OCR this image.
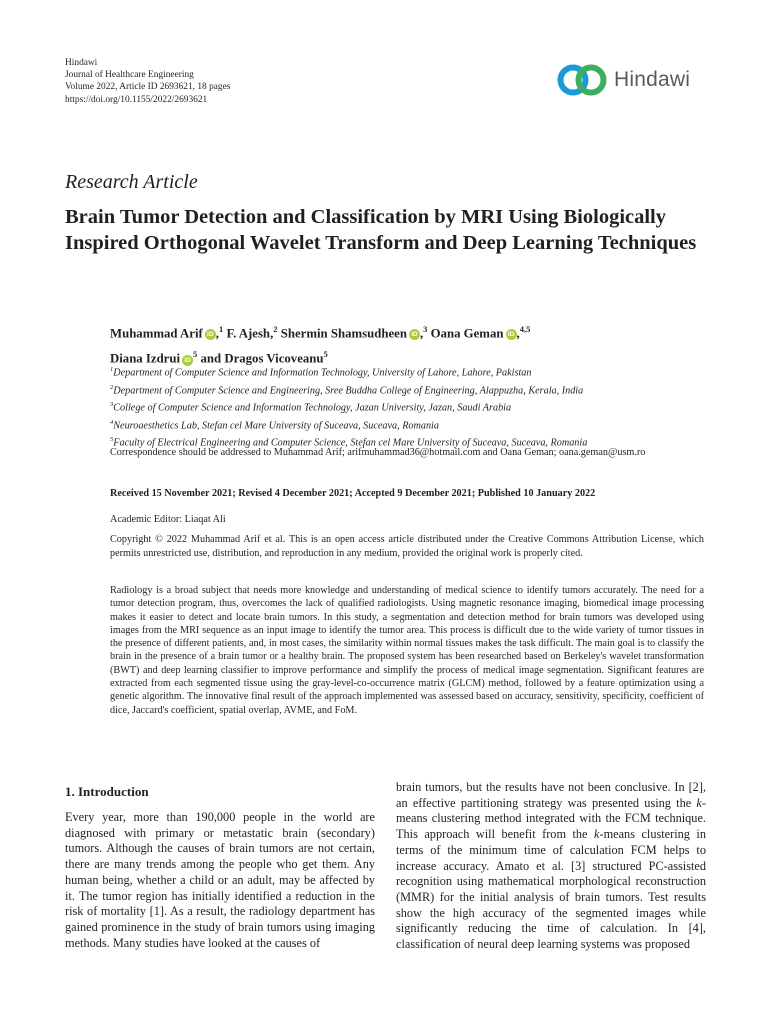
Hindawi
Journal of Healthcare Engineering
Volume 2022, Article ID 2693621, 18 pages
https://doi.org/10.1155/2022/2693621
Hindawi
Research Article
Brain Tumor Detection and Classification by MRI Using Biologically Inspired Orthogonal Wavelet Transform and Deep Learning Techniques
Muhammad Arif iD ,$^1$ F. Ajesh,$^2$ Shermin Shamsudheen iD ,$^3$ Oana Geman iD ,$^{4,5}$
Diana Izdrui $iD^5$ and Dragos Vicoveanu$^5$
$^1$Department of Computer Science and Information Technology, University of Lahore, Lahore, Pakistan
$^2$Department of Computer Science and Engineering, Sree Buddha College of Engineering, Alappuzha, Kerala, India
$^3$College of Computer Science and Information Technology, Jazan University, Jazan, Saudi Arabia
$^4$Neuroaesthetics Lab, Stefan cel Mare University of Suceava, Suceava, Romania
$^5$Faculty of Electrical Engineering and Computer Science, Stefan cel Mare University of Suceava, Suceava, Romania
Correspondence should be addressed to Muhammad Arif; arifmuhammad36@hotmail.com and Oana Geman; oana.geman@usm.ro
Received 15 November 2021; Revised 4 December 2021; Accepted 9 December 2021; Published 10 January 2022
Academic Editor: Liaqat Ali
Copyright © 2022 Muhammad Arif et al. This is an open access article distributed under the Creative Commons Attribution License, which permits unrestricted use, distribution, and reproduction in any medium, provided the original work is properly cited.
Radiology is a broad subject that needs more knowledge and understanding of medical science to identify tumors accurately. The need for a tumor detection program, thus, overcomes the lack of qualified radiologists. Using magnetic resonance imaging, biomedical image processing makes it easier to detect and locate brain tumors. In this study, a segmentation and detection method for brain tumors was developed using images from the MRI sequence as an input image to identify the tumor area. This process is difficult due to the wide variety of tumor tissues in the presence of different patients, and, in most cases, the similarity within normal tissues makes the task difficult. The main goal is to classify the brain in the presence of a brain tumor or a healthy brain. The proposed system has been researched based on Berkeley's wavelet transformation (BWT) and deep learning classifier to improve performance and simplify the process of medical image segmentation. Significant features are extracted from each segmented tissue using the gray-level-co-occurrence matrix (GLCM) method, followed by a feature optimization using a genetic algorithm. The innovative final result of the approach implemented was assessed based on accuracy, sensitivity, specificity, coefficient of dice, Jaccard's coefficient, spatial overlap, AVME, and FoM.
1. Introduction
Every year, more than 190,000 people in the world are diagnosed with primary or metastatic brain (secondary) tumors. Although the causes of brain tumors are not certain, there are many trends among the people who get them. Any human being, whether a child or an adult, may be affected by it. The tumor region has initially identified a reduction in the risk of mortality [1]. As a result, the radiology department has gained prominence in the study of brain tumors using imaging methods. Many studies have looked at the causes of
brain tumors, but the results have not been conclusive. In [2], an effective partitioning strategy was presented using the k-means clustering method integrated with the FCM technique. This approach will benefit from the k-means clustering in terms of the minimum time of calculation FCM helps to increase accuracy. Amato et al. [3] structured PC-assisted recognition using mathematical morphological reconstruction (MMR) for the initial analysis of brain tumors. Test results show the high accuracy of the segmented images while significantly reducing the time of calculation. In [4], classification of neural deep learning systems was proposed
